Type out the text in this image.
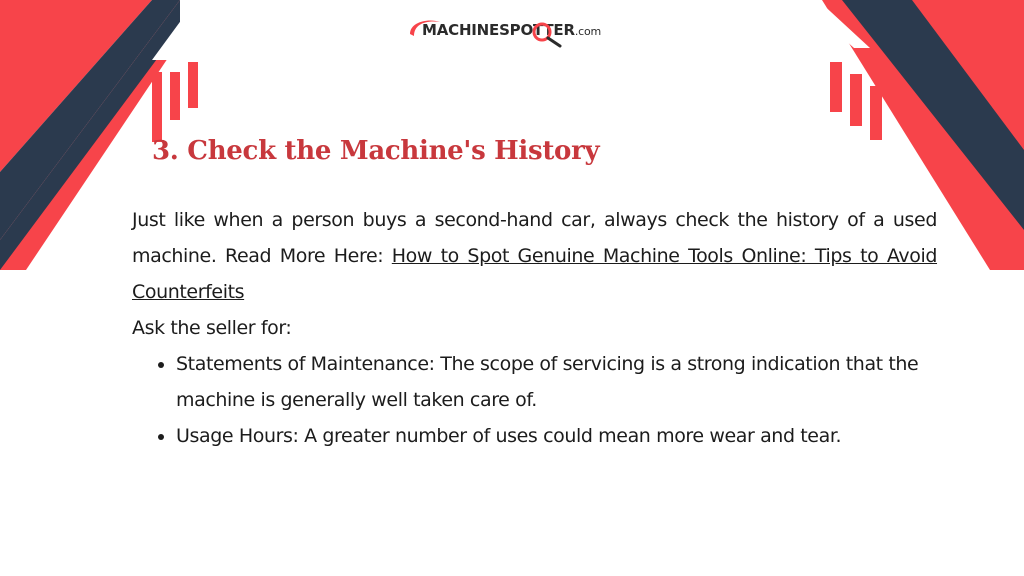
MACHINESPOTTER.com
3. Check the Machine's History

Just like when a person buys a second-hand car, always check the history of a used machine. Read More Here: How to Spot Genuine Machine Tools Online: Tips to Avoid Counterfeits

Ask the seller for:

• Statements of Maintenance: The scope of servicing is a strong indication that the machine is generally well taken care of.
• Usage Hours: A greater number of uses could mean more wear and tear.
